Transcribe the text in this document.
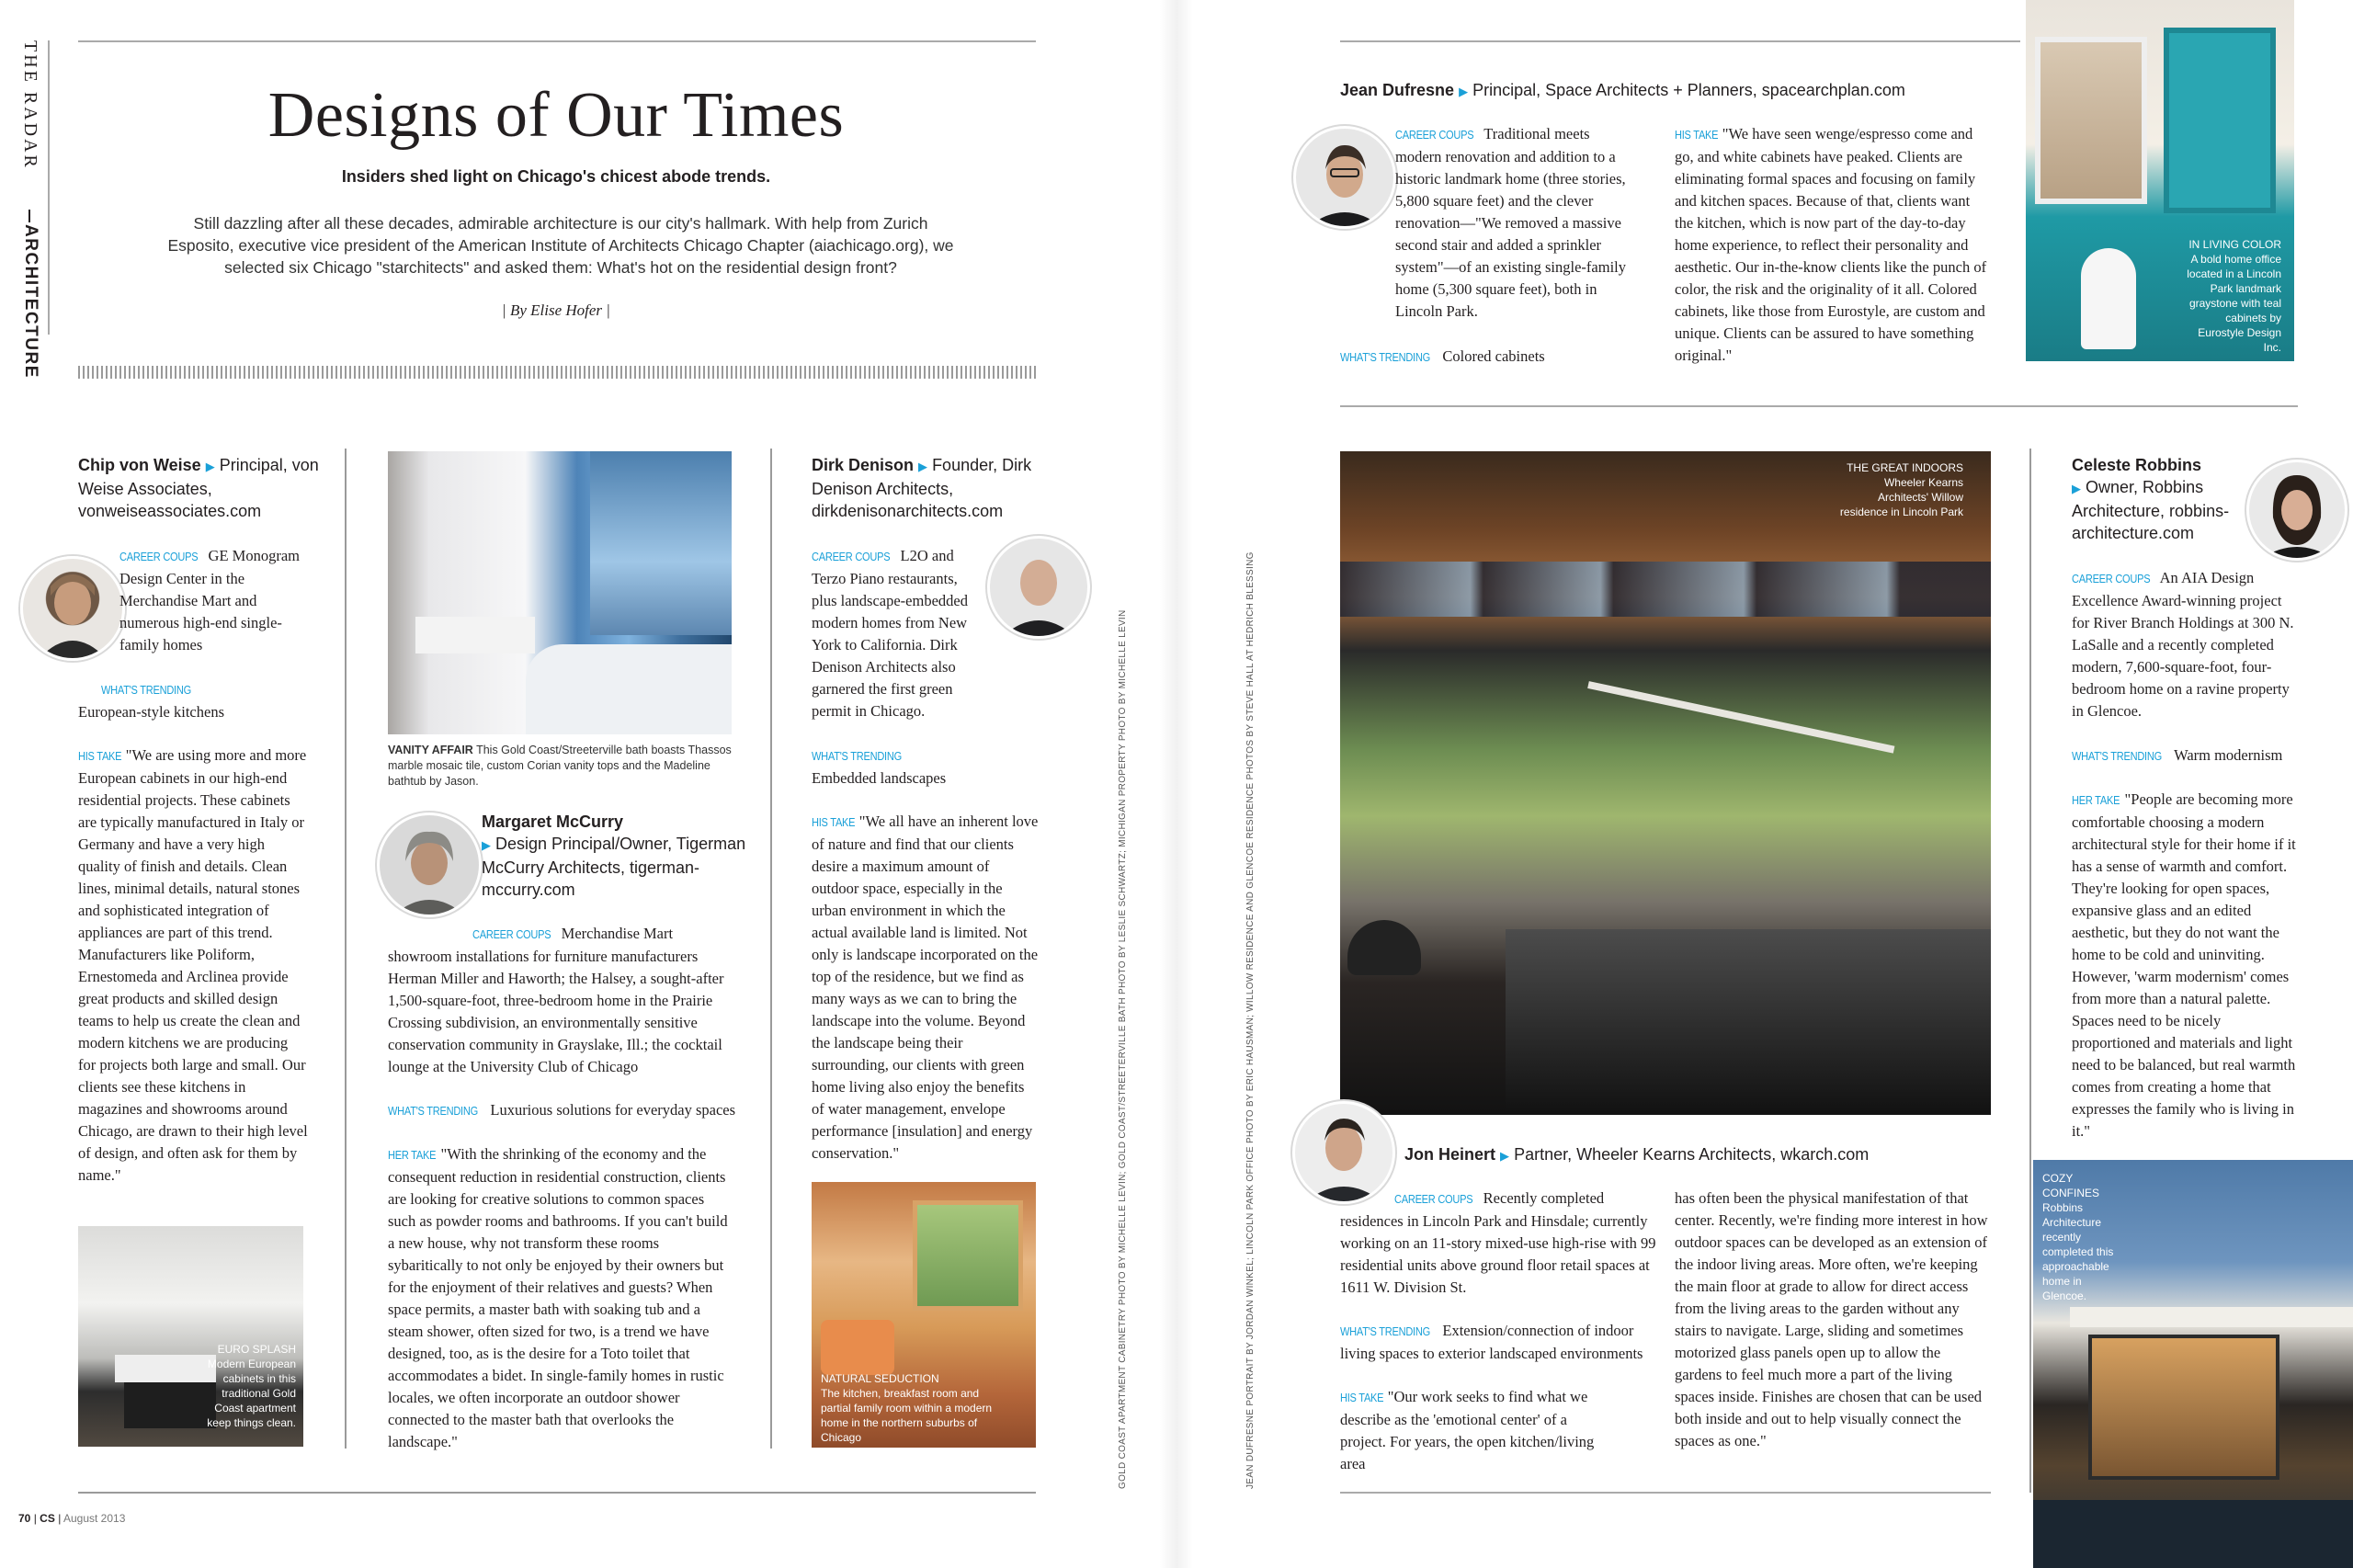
THE RADAR
ARCHITECTURE
Designs of Our Times
Insiders shed light on Chicago's chicest abode trends.
Still dazzling after all these decades, admirable architecture is our city's hallmark. With help from Zurich Esposito, executive vice president of the American Institute of Architects Chicago Chapter (aiachicago.org), we selected six Chicago "starchitects" and asked them: What's hot on the residential design front?
| By Elise Hofer |
Chip von Weise ▶ Principal, von Weise Associates, vonweiseassociates.com
CAREER COUPS GE Monogram Design Center in the Merchandise Mart and numerous high-end single-family homes
WHAT'S TRENDING
European-style kitchens
HIS TAKE "We are using more and more European cabinets in our high-end residential projects. These cabinets are typically manufactured in Italy or Germany and have a very high quality of finish and details. Clean lines, minimal details, natural stones and sophisticated integration of appliances are part of this trend. Manufacturers like Poliform, Ernestomeda and Arclinea provide great products and skilled design teams to help us create the clean and modern kitchens we are producing for projects both large and small. Our clients see these kitchens in magazines and showrooms around Chicago, are drawn to their high level of design, and often ask for them by name."
EURO SPLASH
Modern European cabinets in this traditional Gold Coast apartment keep things clean.
VANITY AFFAIR This Gold Coast/Streeterville bath boasts Thassos marble mosaic tile, custom Corian vanity tops and the Madeline bathtub by Jason.
Margaret McCurry
▶ Design Principal/Owner, Tigerman McCurry Architects, tigerman-mccurry.com
CAREER COUPS Merchandise Mart showroom installations for furniture manufacturers Herman Miller and Haworth; the Halsey, a sought-after 1,500-square-foot, three-bedroom home in the Prairie Crossing subdivision, an environmentally sensitive conservation community in Grayslake, Ill.; the cocktail lounge at the University Club of Chicago
WHAT'S TRENDING Luxurious solutions for everyday spaces
HER TAKE "With the shrinking of the economy and the consequent reduction in residential construction, clients are looking for creative solutions to common spaces such as powder rooms and bathrooms. If you can't build a new house, why not transform these rooms sybaritically to not only be enjoyed by their owners but for the enjoyment of their relatives and guests? When space permits, a master bath with soaking tub and a steam shower, often sized for two, is a trend we have designed, too, as is the desire for a Toto toilet that accommodates a bidet. In single-family homes in rustic locales, we often incorporate an outdoor shower connected to the master bath that overlooks the landscape."
Dirk Denison ▶ Founder, Dirk Denison Architects, dirkdenisonarchitects.com
CAREER COUPS L2O and Terzo Piano restaurants, plus landscape-embedded modern homes from New York to California. Dirk Denison Architects also garnered the first green permit in Chicago.
WHAT'S TRENDING
Embedded landscapes
HIS TAKE "We all have an inherent love of nature and find that our clients desire a maximum amount of outdoor space, especially in the urban environment in which the actual available land is limited. Not only is landscape incorporated on the top of the residence, but we find as many ways as we can to bring the landscape into the volume. Beyond the landscape being their surrounding, our clients with green home living also enjoy the benefits of water management, envelope performance [insulation] and energy conservation."
NATURAL SEDUCTION
The kitchen, breakfast room and partial family room within a modern home in the northern suburbs of Chicago
70 | CS | August 2013
GOLD COAST APARTMENT CABINETRY PHOTO BY MICHELLE LEVIN; GOLD COAST/STREETERVILLE BATH PHOTO BY LESLIE SCHWARTZ; MICHIGAN PROPERTY PHOTO BY MICHELLE LEVIN	JEAN DUFRESNE PORTRAIT BY JORDAN WINKEL; LINCOLN PARK OFFICE PHOTO BY ERIC HAUSMAN; WILLOW RESIDENCE AND GLENCOE RESIDENCE PHOTOS BY STEVE HALL AT HEDRICH BLESSING
Jean Dufresne ▶ Principal, Space Architects + Planners, spacearchplan.com
CAREER COUPS Traditional meets modern renovation and addition to a historic landmark home (three stories, 5,800 square feet) and the clever renovation—"We removed a massive second stair and added a sprinkler system"—of an existing single-family home (5,300 square feet), both in Lincoln Park.
WHAT'S TRENDING Colored cabinets
HIS TAKE "We have seen wenge/espresso come and go, and white cabinets have peaked. Clients are eliminating formal spaces and focusing on family and kitchen spaces. Because of that, clients want the kitchen, which is now part of the day-to-day home experience, to reflect their personality and aesthetic. Our in-the-know clients like the punch of color, the risk and the originality of it all. Colored cabinets, like those from Eurostyle, are custom and unique. Clients can be assured to have something original."
IN LIVING COLOR
A bold home office located in a Lincoln Park landmark graystone with teal cabinets by Eurostyle Design Inc.
THE GREAT INDOORS
Wheeler Kearns Architects' Willow residence in Lincoln Park
Jon Heinert ▶ Partner, Wheeler Kearns Architects, wkarch.com
CAREER COUPS Recently completed residences in Lincoln Park and Hinsdale; currently working on an 11-story mixed-use high-rise with 99 residential units above ground floor retail spaces at 1611 W. Division St.
WHAT'S TRENDING Extension/connection of indoor living spaces to exterior landscaped environments
HIS TAKE "Our work seeks to find what we describe as the 'emotional center' of a project. For years, the open kitchen/living area
has often been the physical manifestation of that center. Recently, we're finding more interest in how outdoor spaces can be developed as an extension of the indoor living areas. More often, we're keeping the main floor at grade to allow for direct access from the living areas to the garden without any stairs to navigate. Large, sliding and sometimes motorized glass panels open up to allow the gardens to feel much more a part of the living spaces inside. Finishes are chosen that can be used both inside and out to help visually connect the spaces as one."
Celeste Robbins
▶ Owner, Robbins Architecture, robbins-architecture.com
CAREER COUPS An AIA Design Excellence Award-winning project for River Branch Holdings at 300 N. LaSalle and a recently completed modern, 7,600-square-foot, four-bedroom home on a ravine property in Glencoe.
WHAT'S TRENDING Warm modernism
HER TAKE "People are becoming more comfortable choosing a modern architectural style for their home if it has a sense of warmth and comfort. They're looking for open spaces, expansive glass and an edited aesthetic, but they do not want the home to be cold and uninviting. However, 'warm modernism' comes from more than a natural palette. Spaces need to be nicely proportioned and materials and light need to be balanced, but real warmth comes from creating a home that expresses the family who is living in it."
COZY CONFINES
Robbins Architecture recently completed this approachable home in Glencoe.
